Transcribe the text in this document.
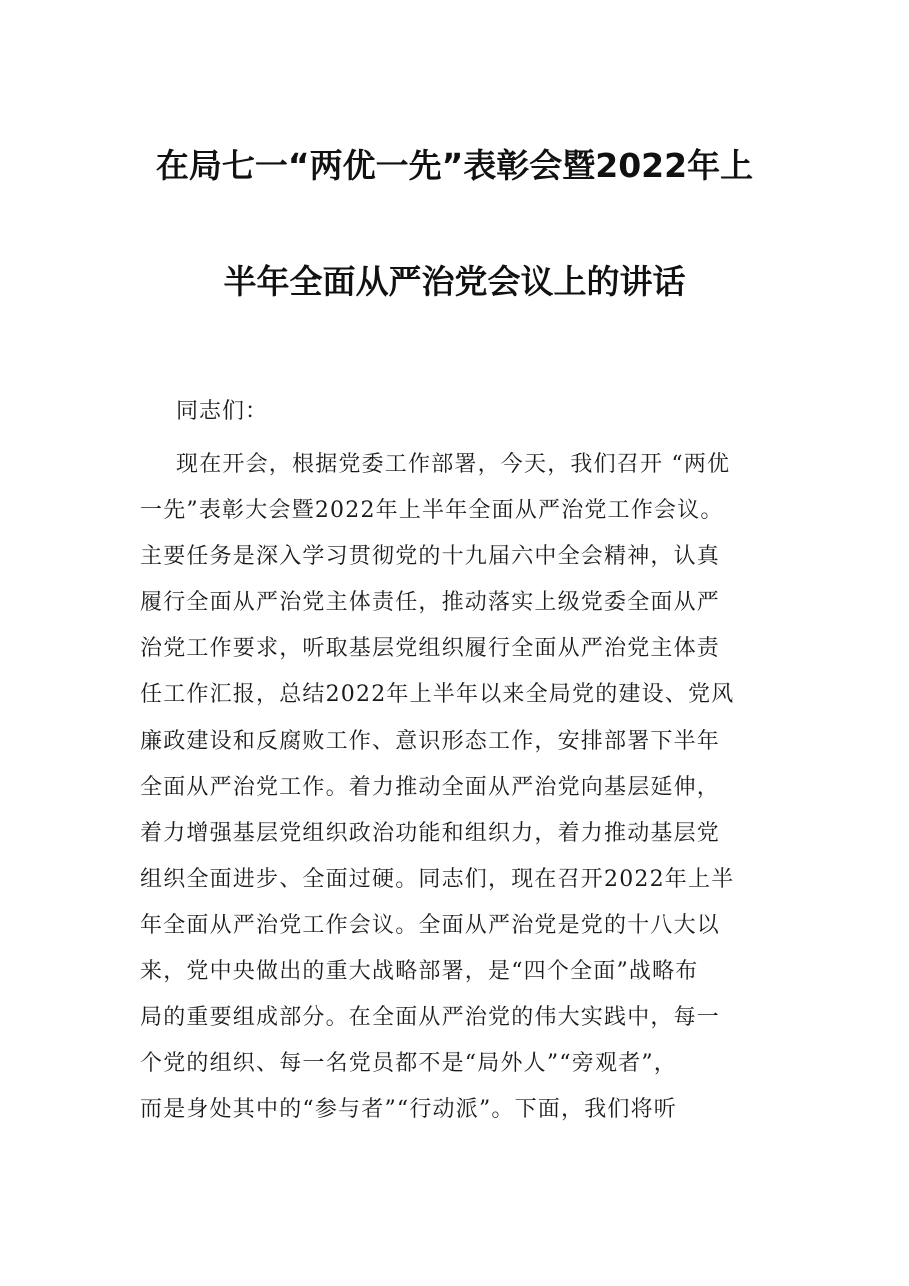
在局七一“两优一先”表彰会暨2022年上
半年全面从严治党会议上的讲话
同志们：
现在开会，根据党委工作部署，今天，我们召开 “两优
一先”表彰大会暨2022年上半年全面从严治党工作会议。
主要任务是深入学习贯彻党的十九届六中全会精神，认真
履行全面从严治党主体责任，推动落实上级党委全面从严
治党工作要求，听取基层党组织履行全面从严治党主体责
任工作汇报，总结2022年上半年以来全局党的建设、党风
廉政建设和反腐败工作、意识形态工作，安排部署下半年
全面从严治党工作。着力推动全面从严治党向基层延伸，
着力增强基层党组织政治功能和组织力，着力推动基层党
组织全面进步、全面过硬。同志们，现在召开2022年上半
年全面从严治党工作会议。全面从严治党是党的十八大以
来，党中央做出的重大战略部署，是“四个全面”战略布
局的重要组成部分。在全面从严治党的伟大实践中，每一
个党的组织、每一名党员都不是“局外人”“旁观者”，
而是身处其中的“参与者”“行动派”。下面，我们将听
